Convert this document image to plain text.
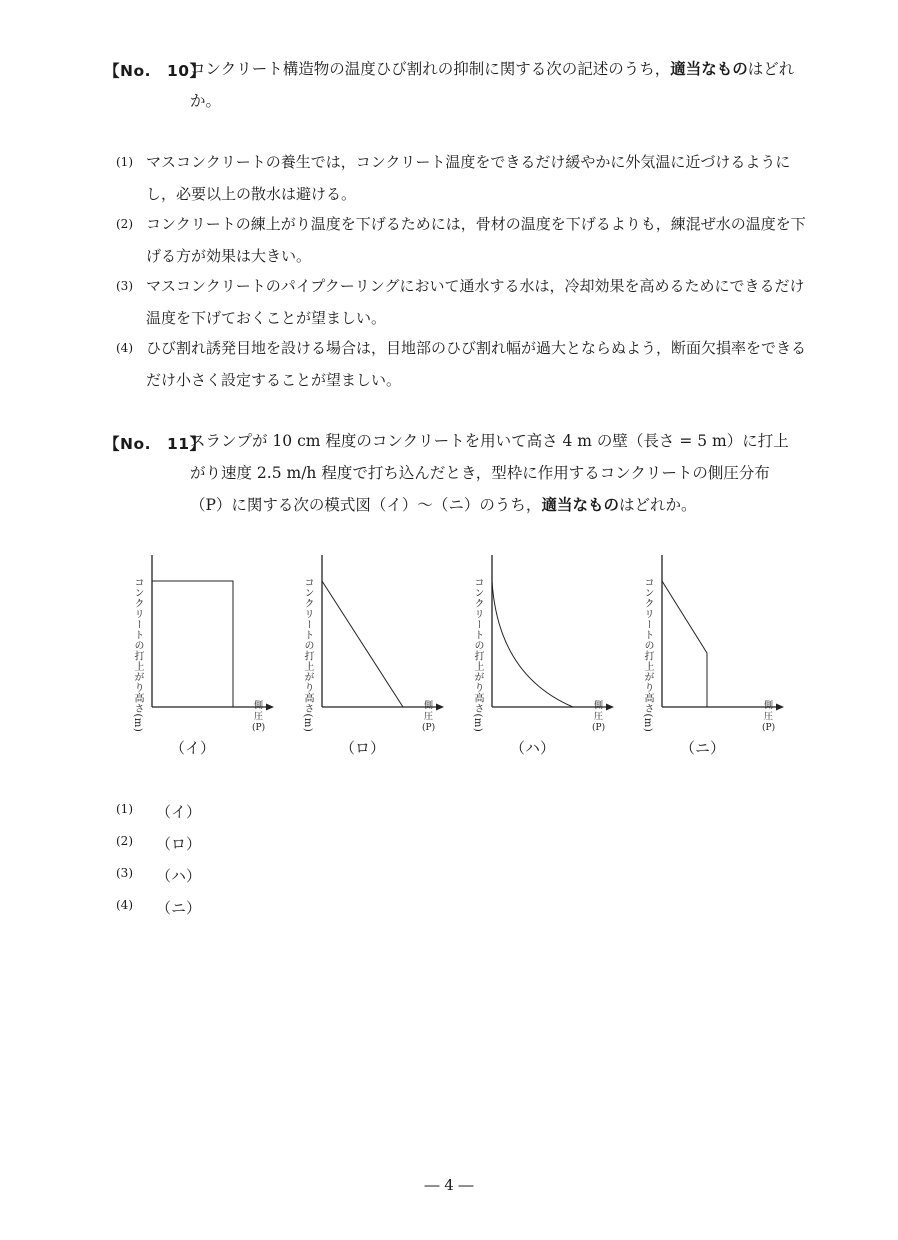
【No.　10】
コンクリート構造物の温度ひび割れの抑制に関する次の記述のうち，適当なものはどれか。
(1) マスコンクリートの養生では，コンクリート温度をできるだけ緩やかに外気温に近づけるようにし，必要以上の散水は避ける。
(2) コンクリートの練上がり温度を下げるためには，骨材の温度を下げるよりも，練混ぜ水の温度を下げる方が効果は大きい。
(3) マスコンクリートのパイプクーリングにおいて通水する水は，冷却効果を高めるためにできるだけ温度を下げておくことが望ましい。
(4) ひび割れ誘発目地を設ける場合は，目地部のひび割れ幅が過大とならぬよう，断面欠損率をできるだけ小さく設定することが望ましい。
【No.　11】
スランプが 10 cm 程度のコンクリートを用いて高さ 4 m の壁（長さ = 5 m）に打上がり速度 2.5 m/h 程度で打ち込んだとき，型枠に作用するコンクリートの側圧分布（P）に関する次の模式図（イ）～（ニ）のうち，適当なものはどれか。
コンクリートの打上がり高さ(m)	側圧
(P)
（イ）
コンクリートの打上がり高さ(m)	側圧
(P)
（ロ）
コンクリートの打上がり高さ(m)	側圧
(P)
（ハ）
コンクリートの打上がり高さ(m)	側圧
(P)
（ニ）
(1) （イ）
(2) （ロ）
(3) （ハ）
(4) （ニ）
― 4 ―
